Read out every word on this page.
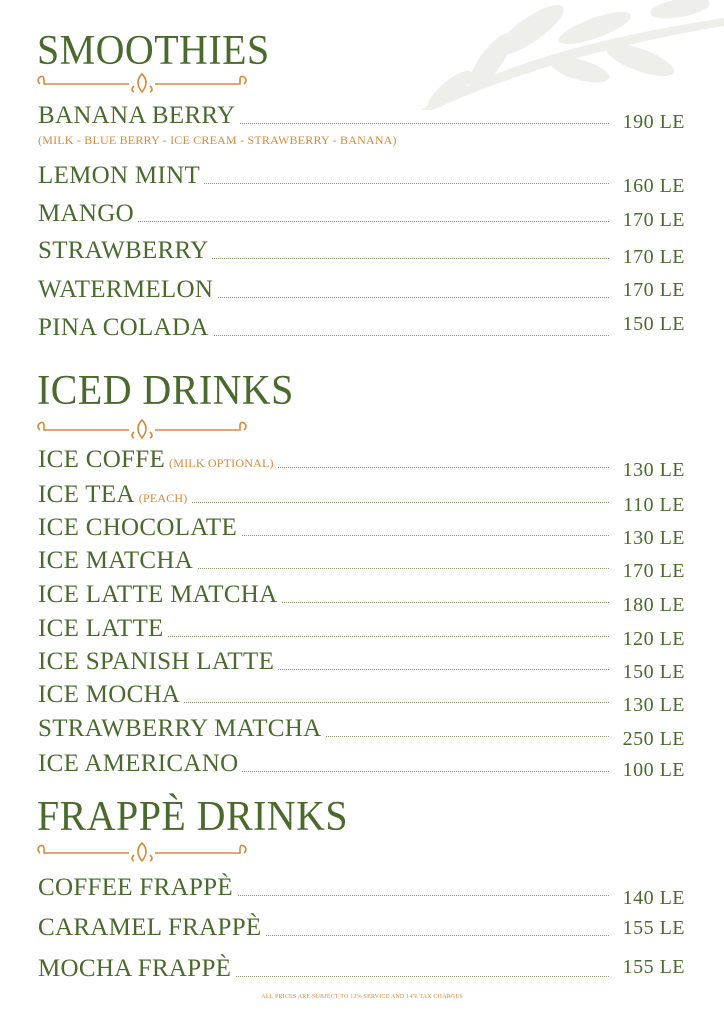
SMOOTHIES
BANANA BERRY	190 LE
(MILK - BLUE BERRY - ICE CREAM - STRAWBERRY - BANANA)
LEMON MINT	160 LE
MANGO	170 LE
STRAWBERRY	170 LE
WATERMELON	170 LE
PINA COLADA	150 LE
ICED DRINKS
ICE COFFE (MILK OPTIONAL)	130 LE
ICE TEA (PEACH)	110 LE
ICE CHOCOLATE	130 LE
ICE MATCHA	170 LE
ICE LATTE MATCHA	180 LE
ICE LATTE	120 LE
ICE SPANISH LATTE	150 LE
ICE MOCHA	130 LE
STRAWBERRY MATCHA	250 LE
ICE AMERICANO	100 LE
FRAPPÈ DRINKS
COFFEE FRAPPÈ	140 LE
CARAMEL FRAPPÈ	155 LE
MOCHA FRAPPÈ	155 LE
ALL PRICES ARE SUBJECT TO 12% SERVICE AND 14% TAX CHARGES
